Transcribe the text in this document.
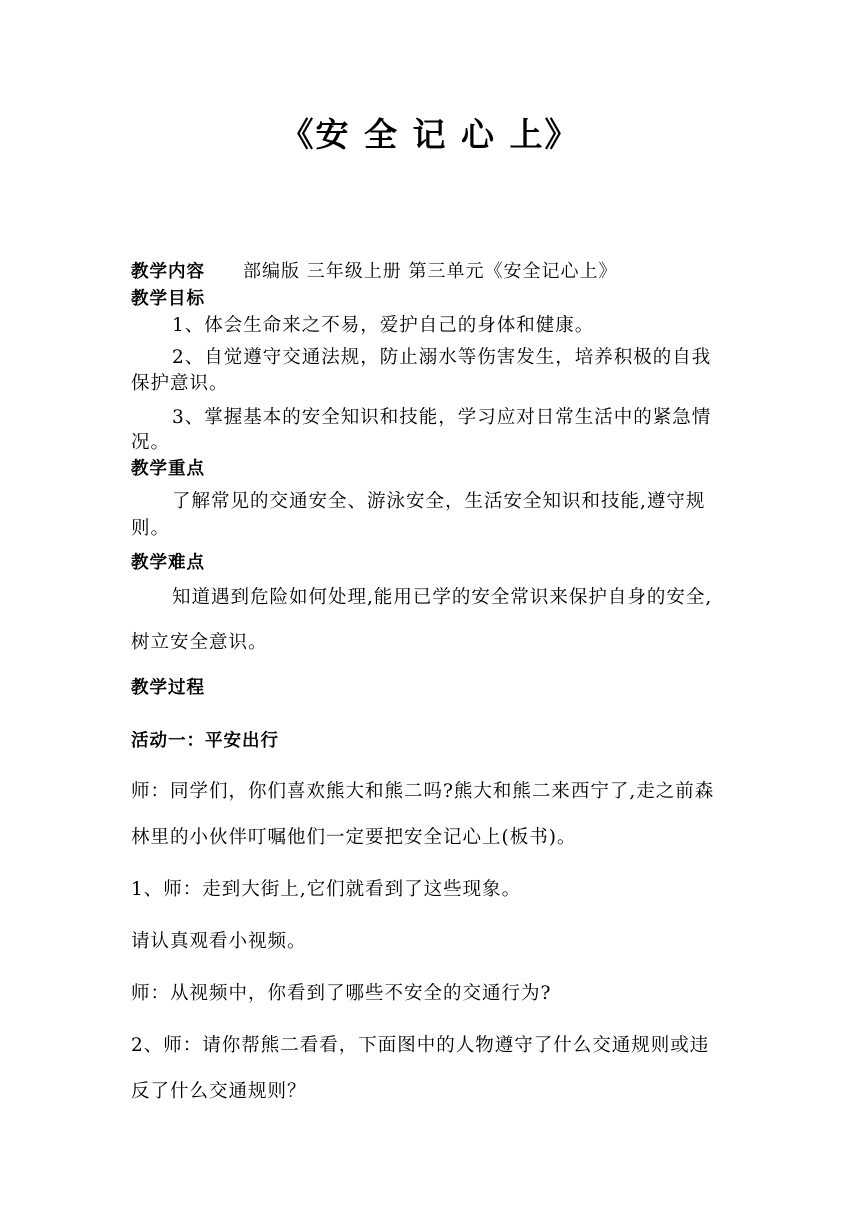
《安 全 记 心 上》
教学内容 部编版 三年级上册 第三单元《安全记心上》
教学目标
1、体会生命来之不易，爱护自己的身体和健康。
2、自觉遵守交通法规，防止溺水等伤害发生，培养积极的自我
保护意识。
3、掌握基本的安全知识和技能，学习应对日常生活中的紧急情
况。
教学重点
了解常见的交通安全、游泳安全，生活安全知识和技能,遵守规
则。
教学难点
知道遇到危险如何处理,能用已学的安全常识来保护自身的安全,
树立安全意识。
教学过程
活动一：平安出行
师：同学们，你们喜欢熊大和熊二吗?熊大和熊二来西宁了,走之前森
林里的小伙伴叮嘱他们一定要把安全记心上(板书)。
1、师：走到大街上,它们就看到了这些现象。
请认真观看小视频。
师：从视频中，你看到了哪些不安全的交通行为?
2、师：请你帮熊二看看，下面图中的人物遵守了什么交通规则或违
反了什么交通规则？
